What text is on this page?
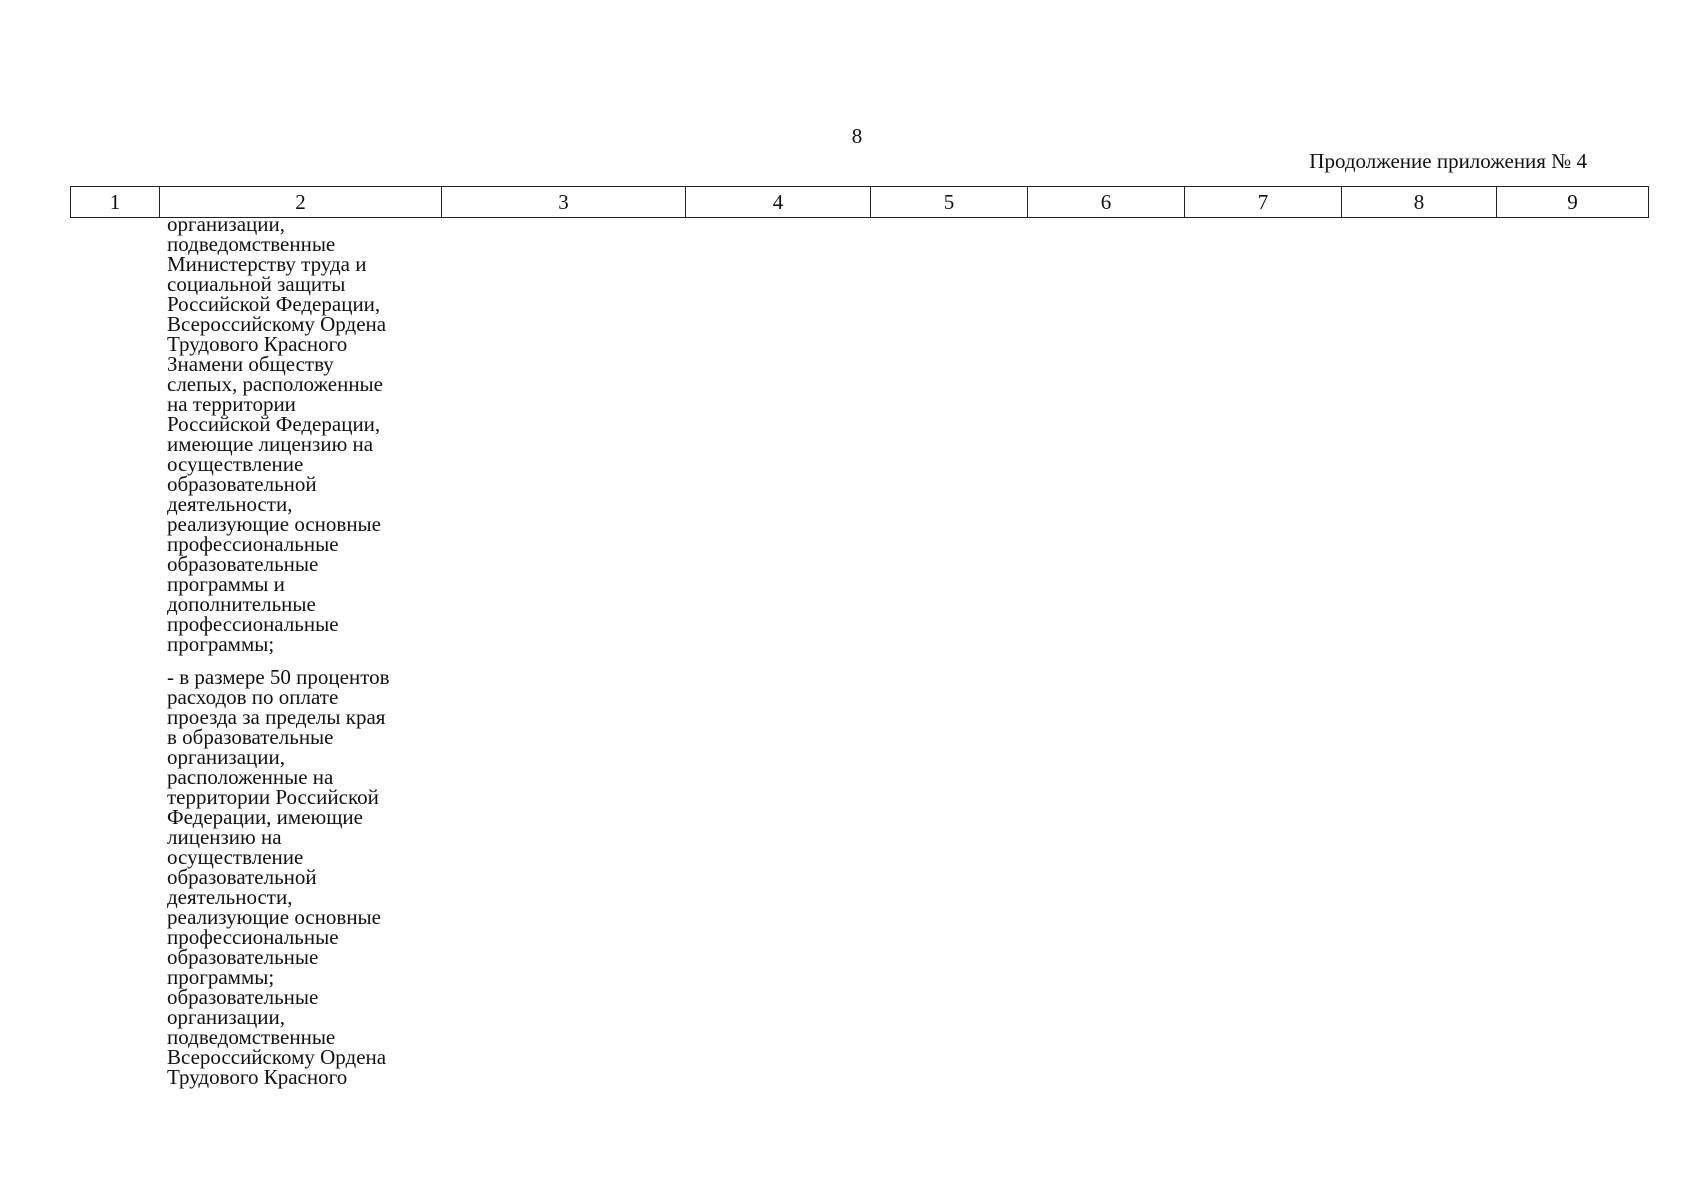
8
Продолжение приложения № 4
1	2	3	4	5	6	7	8	9
организации,
подведомственные
Министерству труда и
социальной защиты
Российской Федерации,
Всероссийскому Ордена
Трудового Красного
Знамени обществу
слепых, расположенные
на территории
Российской Федерации,
имеющие лицензию на
осуществление
образовательной
деятельности,
реализующие основные
профессиональные
образовательные
программы и
дополнительные
профессиональные
программы;
- в размере 50 процентов
расходов по оплате
проезда за пределы края
в образовательные
организации,
расположенные на
территории Российской
Федерации, имеющие
лицензию на
осуществление
образовательной
деятельности,
реализующие основные
профессиональные
образовательные
программы;
образовательные
организации,
подведомственные
Всероссийскому Ордена
Трудового Красного
